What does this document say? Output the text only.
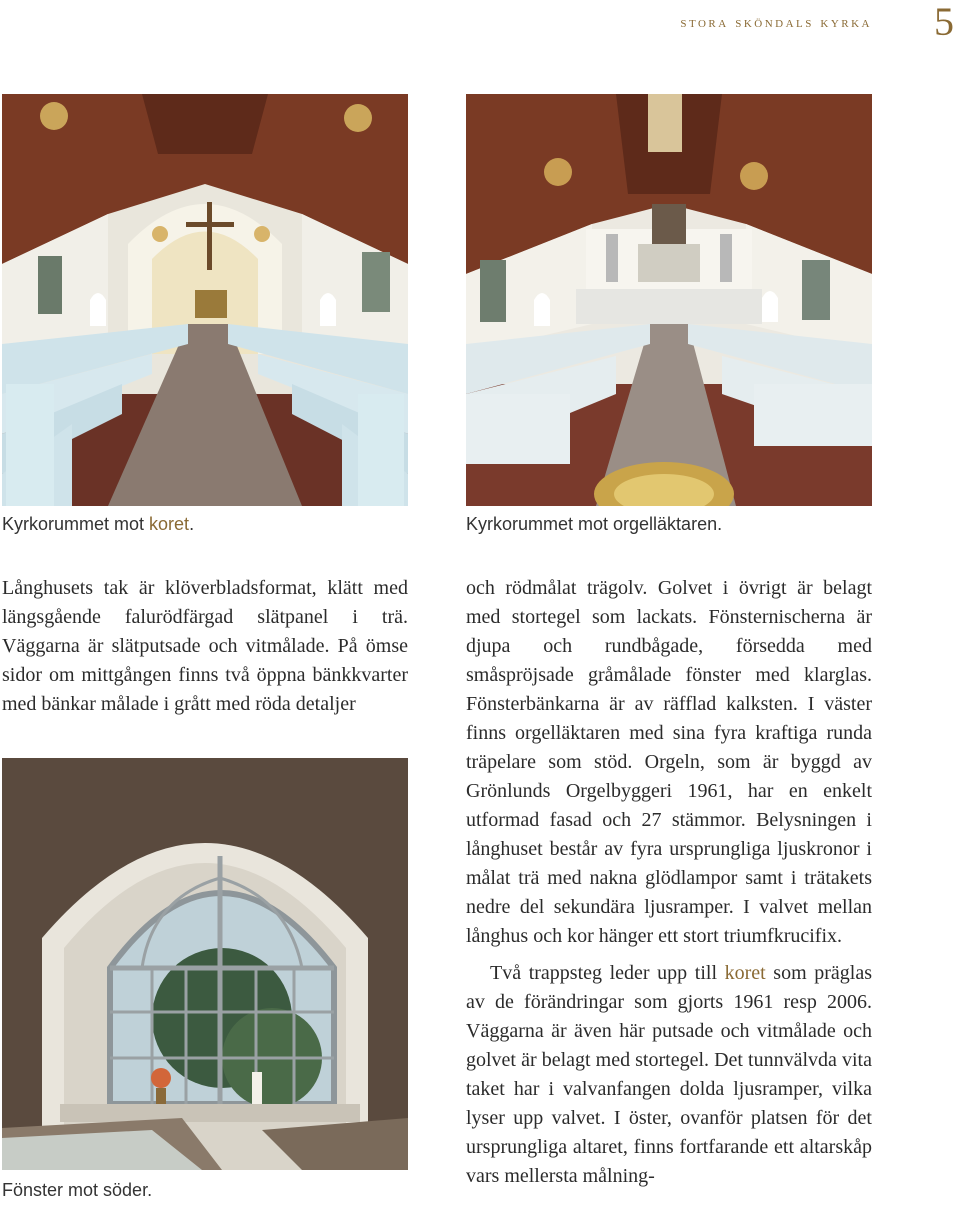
stora sköndals kyrka 5
Kyrkorummet mot koret.	Kyrkorummet mot orgelläktaren.

Långhusets tak är klöverbladsformat, klätt med längsgående falurödfärgad slätpanel i trä. Väggarna är slätputsade och vitmålade. På ömse sidor om mittgången finns två öppna bänkkvarter med bänkar målade i grått med röda detaljer

Fönster mot söder.

och rödmålat trägolv. Golvet i övrigt är belagt med stortegel som lackats. Fönsternischerna är djupa och rundbågade, försedda med småspröjsade gråmålade fönster med klarglas. Fönsterbänkarna är av räfflad kalksten. I väster finns orgelläktaren med sina fyra kraftiga runda träpelare som stöd. Orgeln, som är byggd av Grönlunds Orgelbyggeri 1961, har en enkelt utformad fasad och 27 stämmor. Belysningen i långhuset består av fyra ursprungliga ljuskronor i målat trä med nakna glödlampor samt i trätakets nedre del sekundära ljusramper. I valvet mellan långhus och kor hänger ett stort triumfkrucifix.

Två trappsteg leder upp till koret som präglas av de förändringar som gjorts 1961 resp 2006. Väggarna är även här putsade och vitmålade och golvet är belagt med stortegel. Det tunnvälvda vita taket har i valvanfangen dolda ljusramper, vilka lyser upp valvet. I öster, ovanför platsen för det ursprungliga altaret, finns fortfarande ett altarskåp vars mellersta målning-
